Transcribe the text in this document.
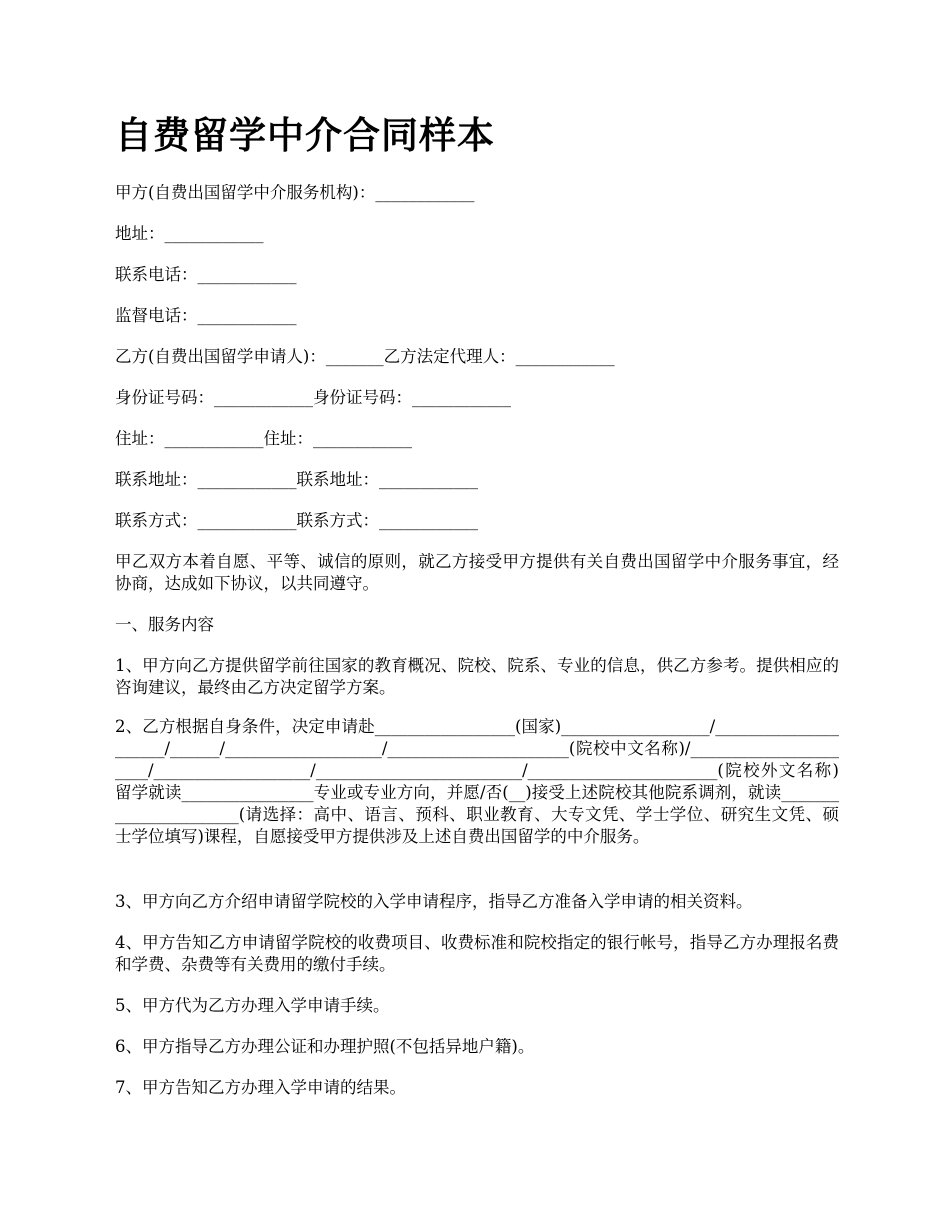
自费留学中介合同样本

甲方(自费出国留学中介服务机构)：____________

地址：____________

联系电话：____________

监督电话：____________

乙方(自费出国留学申请人)：_______乙方法定代理人：____________

身份证号码：____________身份证号码：____________

住址：____________住址：____________

联系地址：____________联系地址：____________

联系方式：____________联系方式：____________

甲乙双方本着自愿、平等、诚信的原则，就乙方接受甲方提供有关自费出国留学中介服务事宜，经协商，达成如下协议，以共同遵守。

一、服务内容

1、甲方向乙方提供留学前往国家的教育概况、院校、院系、专业的信息，供乙方参考。提供相应的咨询建议，最终由乙方决定留学方案。

2、乙方根据自身条件，决定申请赴_________________(国家)__________________/_____________________/______/___________________/______________________(院校中文名称)/______________________/___________________/_________________________/_______________________(院校外文名称)留学就读________________专业或专业方向，并愿/否(__)接受上述院校其他院系调剂，就读______________________(请选择：高中、语言、预科、职业教育、大专文凭、学士学位、研究生文凭、硕士学位填写)课程，自愿接受甲方提供涉及上述自费出国留学的中介服务。

3、甲方向乙方介绍申请留学院校的入学申请程序，指导乙方准备入学申请的相关资料。

4、甲方告知乙方申请留学院校的收费项目、收费标准和院校指定的银行帐号，指导乙方办理报名费和学费、杂费等有关费用的缴付手续。

5、甲方代为乙方办理入学申请手续。

6、甲方指导乙方办理公证和办理护照(不包括异地户籍)。

7、甲方告知乙方办理入学申请的结果。
